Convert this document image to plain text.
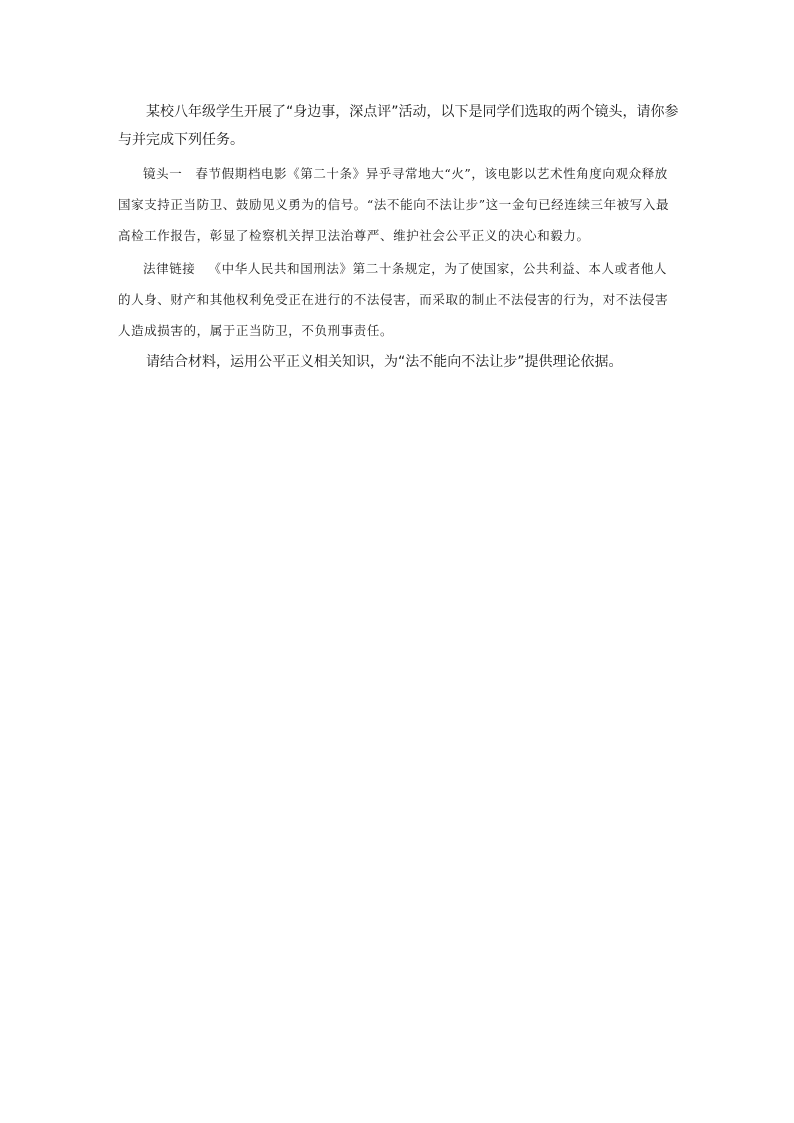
某校八年级学生开展了“身边事，深点评”活动，以下是同学们选取的两个镜头，请你参与并完成下列任务。

镜头一  春节假期档电影《第二十条》异乎寻常地大“火”，该电影以艺术性角度向观众释放国家支持正当防卫、鼓励见义勇为的信号。“法不能向不法让步”这一金句已经连续三年被写入最高检工作报告，彰显了检察机关捍卫法治尊严、维护社会公平正义的决心和毅力。

法律链接  《中华人民共和国刑法》第二十条规定，为了使国家，公共利益、本人或者他人的人身、财产和其他权利免受正在进行的不法侵害，而采取的制止不法侵害的行为，对不法侵害人造成损害的，属于正当防卫，不负刑事责任。

请结合材料，运用公平正义相关知识，为“法不能向不法让步”提供理论依据。
